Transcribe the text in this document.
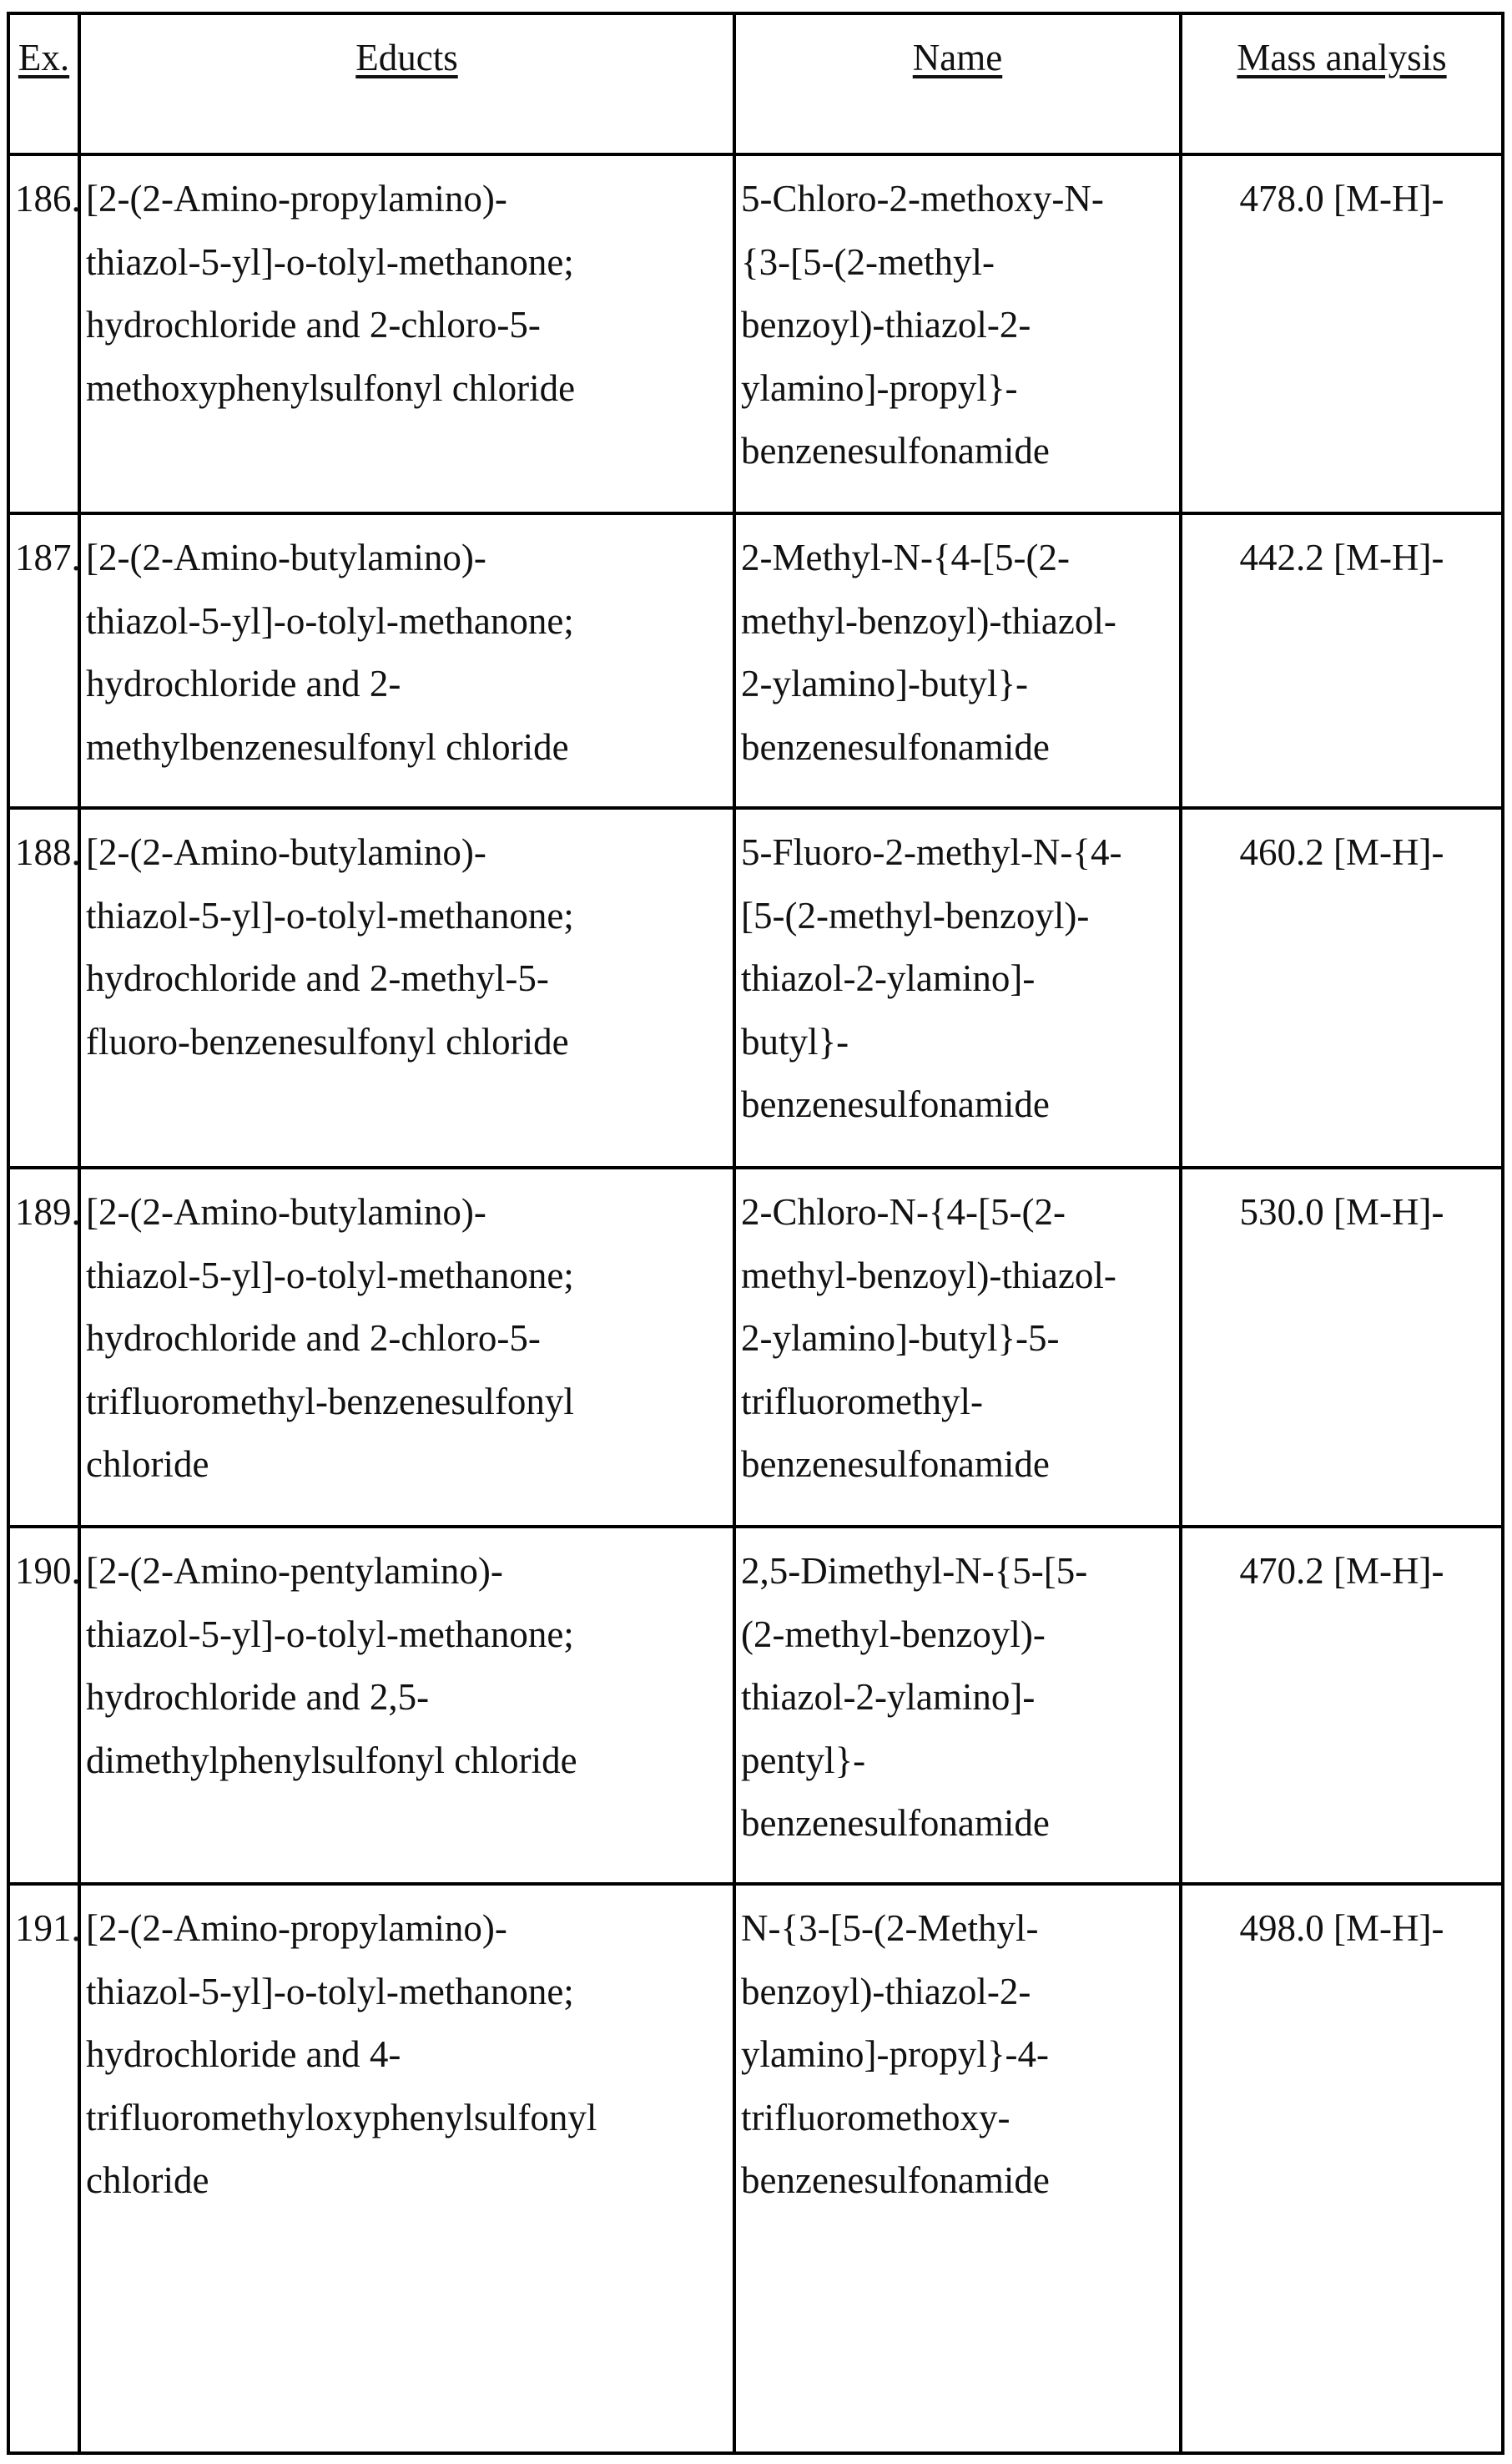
Ex.	Educts	Name	Mass analysis
186.	[2-(2-Amino-propylamino)-
thiazol-5-yl]-o-tolyl-methanone;
hydrochloride and 2-chloro-5-
methoxyphenylsulfonyl chloride

5-Chloro-2-methoxy-N-
{3-[5-(2-methyl-
benzoyl)-thiazol-2-
ylamino]-propyl}-
benzenesulfonamide
	478.0 [M-H]-
187.	[2-(2-Amino-butylamino)-
thiazol-5-yl]-o-tolyl-methanone;
hydrochloride and 2-
methylbenzenesulfonyl chloride

2-Methyl-N-{4-[5-(2-
methyl-benzoyl)-thiazol-
2-ylamino]-butyl}-
benzenesulfonamide
	442.2 [M-H]-
188.	[2-(2-Amino-butylamino)-
thiazol-5-yl]-o-tolyl-methanone;
hydrochloride and 2-methyl-5-
fluoro-benzenesulfonyl chloride

5-Fluoro-2-methyl-N-{4-
[5-(2-methyl-benzoyl)-
thiazol-2-ylamino]-
butyl}-
benzenesulfonamide
	460.2 [M-H]-
189.	[2-(2-Amino-butylamino)-
thiazol-5-yl]-o-tolyl-methanone;
hydrochloride and 2-chloro-5-
trifluoromethyl-benzenesulfonyl
chloride

2-Chloro-N-{4-[5-(2-
methyl-benzoyl)-thiazol-
2-ylamino]-butyl}-5-
trifluoromethyl-
benzenesulfonamide
	530.0 [M-H]-
190.	[2-(2-Amino-pentylamino)-
thiazol-5-yl]-o-tolyl-methanone;
hydrochloride and 2,5-
dimethylphenylsulfonyl chloride

2,5-Dimethyl-N-{5-[5-
(2-methyl-benzoyl)-
thiazol-2-ylamino]-
pentyl}-
benzenesulfonamide
	470.2 [M-H]-
191.	[2-(2-Amino-propylamino)-
thiazol-5-yl]-o-tolyl-methanone;
hydrochloride and 4-
trifluoromethyloxyphenylsulfonyl
chloride

N-{3-[5-(2-Methyl-
benzoyl)-thiazol-2-
ylamino]-propyl}-4-
trifluoromethoxy-
benzenesulfonamide
	498.0 [M-H]-
